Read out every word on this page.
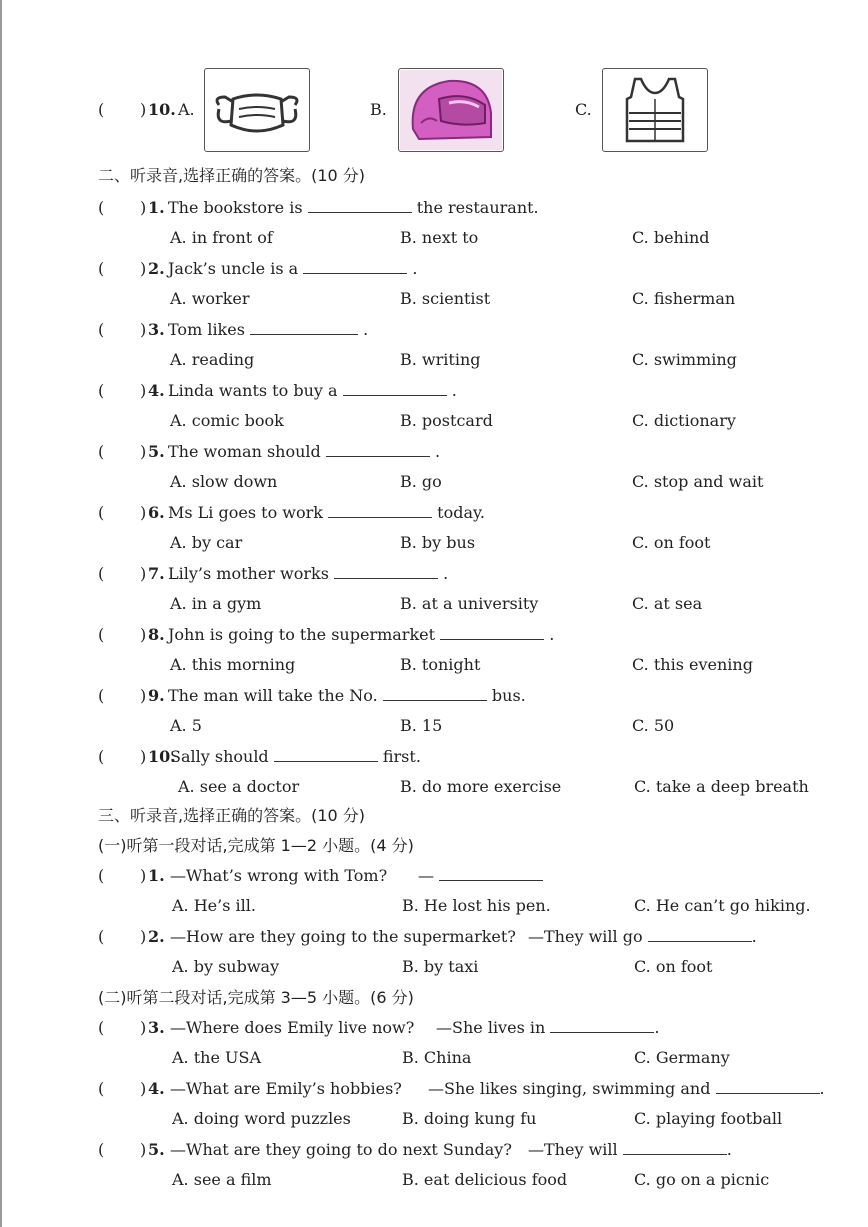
( ) 10. A.	B.	C.
二、听录音,选择正确的答案。(10 分)
( ) 1. The bookstore is	the restaurant.
A. in front of	B. next to	C. behind
( ) 2. Jack’s uncle is a	.
A. worker	B. scientist	C. fisherman
( ) 3. Tom likes	.
A. reading	B. writing	C. swimming
( ) 4. Linda wants to buy a	.
A. comic book	B. postcard	C. dictionary
( ) 5. The woman should	.
A. slow down	B. go	C. stop and wait
( ) 6. Ms Li goes to work	today.
A. by car	B. by bus	C. on foot
( ) 7. Lily’s mother works	.
A. in a gym	B. at a university	C. at sea
( ) 8. John is going to the supermarket	.
A. this morning	B. tonight	C. this evening
( ) 9. The man will take the No.	bus.
A. 5	B. 15	C. 50
( ) 10.
Sally should	first.
A. see a doctor	B. do more exercise	C. take a deep breath
三、听录音,选择正确的答案。(10 分)
(一)听第一段对话,完成第 1—2 小题。(4 分)
(二)听第二段对话,完成第 3—5 小题。(6 分)
( ) 1. —What’s wrong with Tom? —
A. He’s ill.	B. He lost his pen.	C. He can’t go hiking.
( ) 2. —How are they going to the supermarket? —They will go	.
A. by subway	B. by taxi	C. on foot
( ) 3. —Where does Emily live now? —She lives in	.
A. the USA	B. China	C. Germany
( ) 4. —What are Emily’s hobbies? —She likes singing, swimming and	.
A. doing word puzzles	B. doing kung fu	C. playing football
( ) 5. —What are they going to do next Sunday? —They will	.
A. see a film	B. eat delicious food	C. go on a picnic
